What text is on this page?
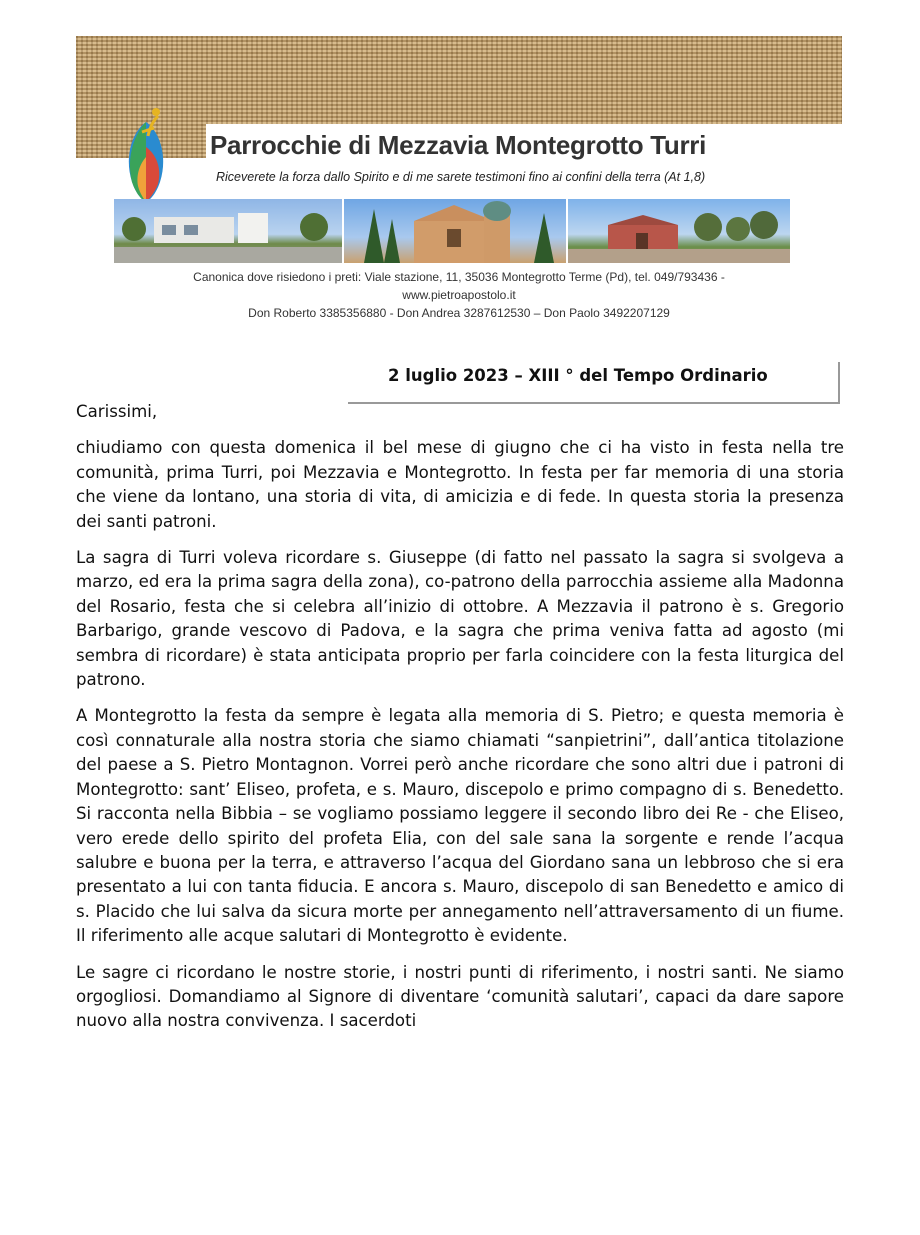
Parrocchie di Mezzavia Montegrotto Turri
Riceverete la forza dallo Spirito e di me sarete testimoni fino ai confini della terra (At 1,8)
Canonica dove risiedono i preti: Viale stazione, 11, 35036 Montegrotto Terme (Pd), tel. 049/793436 -
www.pietroapostolo.it
Don Roberto 3385356880 - Don Andrea 3287612530 – Don Paolo 3492207129
2 luglio 2023 – XIII ° del Tempo Ordinario

Carissimi,

chiudiamo con questa domenica il bel mese di giugno che ci ha visto in festa nella tre comunità, prima Turri, poi Mezzavia e Montegrotto. In festa per far memoria di una storia che viene da lontano, una storia di vita, di amicizia e di fede. In questa storia la presenza dei santi patroni.

La sagra di Turri voleva ricordare s. Giuseppe (di fatto nel passato la sagra si svolgeva a marzo, ed era la prima sagra della zona), co-patrono della parrocchia assieme alla Madonna del Rosario, festa che si celebra all’inizio di ottobre. A Mezzavia il patrono è s. Gregorio Barbarigo, grande vescovo di Padova, e la sagra che prima veniva fatta ad agosto (mi sembra di ricordare) è stata anticipata proprio per farla coincidere con la festa liturgica del patrono.

A Montegrotto la festa da sempre è legata alla memoria di S. Pietro; e questa memoria è così connaturale alla nostra storia che siamo chiamati “sanpietrini”, dall’antica titolazione del paese a S. Pietro Montagnon. Vorrei però anche ricordare che sono altri due i patroni di Montegrotto: sant’ Eliseo, profeta, e s. Mauro, discepolo e primo compagno di s. Benedetto. Si racconta nella Bibbia – se vogliamo possiamo leggere il secondo libro dei Re - che Eliseo, vero erede dello spirito del profeta Elia, con del sale sana la sorgente e rende l’acqua salubre e buona per la terra, e attraverso l’acqua del Giordano sana un lebbroso che si era presentato a lui con tanta fiducia. E ancora s. Mauro, discepolo di san Benedetto e amico di s. Placido che lui salva da sicura morte per annegamento nell’attraversamento di un fiume. Il riferimento alle acque salutari di Montegrotto è evidente.

Le sagre ci ricordano le nostre storie, i nostri punti di riferimento, i nostri santi. Ne siamo orgogliosi. Domandiamo al Signore di diventare ‘comunità salutari’, capaci da dare sapore nuovo alla nostra convivenza. I sacerdoti
